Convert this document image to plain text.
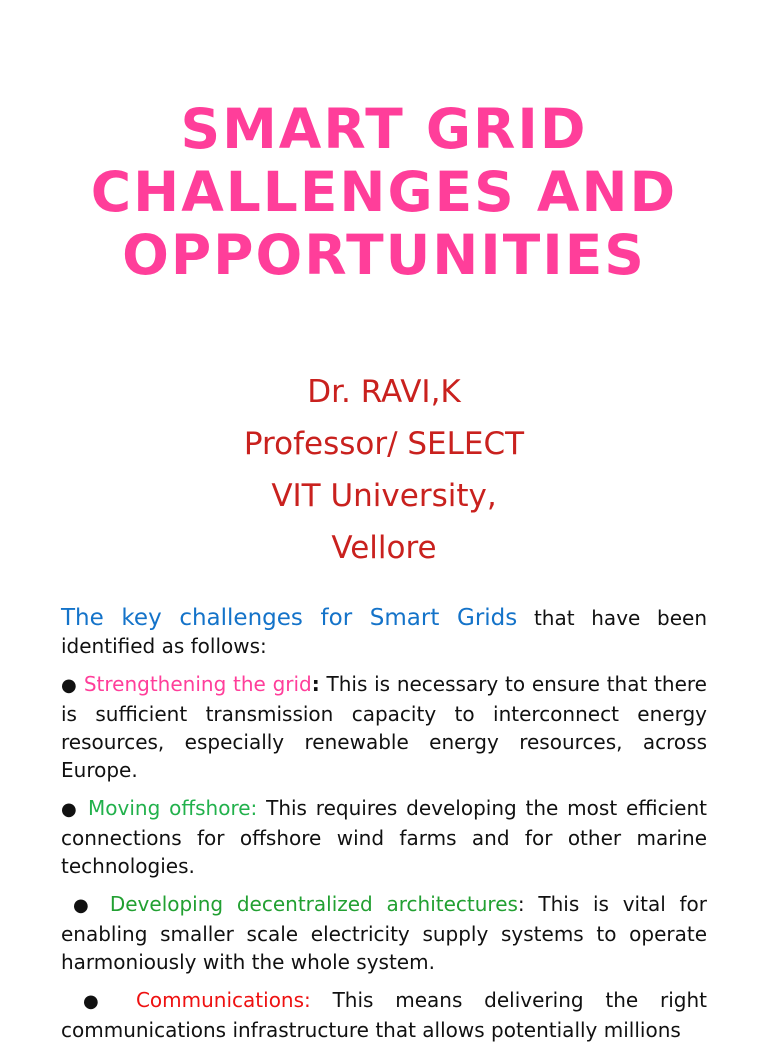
SMART GRID
CHALLENGES AND
OPPORTUNITIES
Dr. RAVI,K
Professor/ SELECT
VIT University,
Vellore

The key challenges for Smart Grids that have been identified as follows:

● Strengthening the grid: This is necessary to ensure that there is sufficient transmission capacity to interconnect energy resources, especially renewable energy resources, across Europe.

● Moving offshore: This requires developing the most efficient connections for offshore wind farms and for other marine technologies.

● Developing decentralized architectures: This is vital for enabling smaller scale electricity supply systems to operate harmoniously with the whole system.

● Communications: This means delivering the right communications infrastructure that allows potentially millions
